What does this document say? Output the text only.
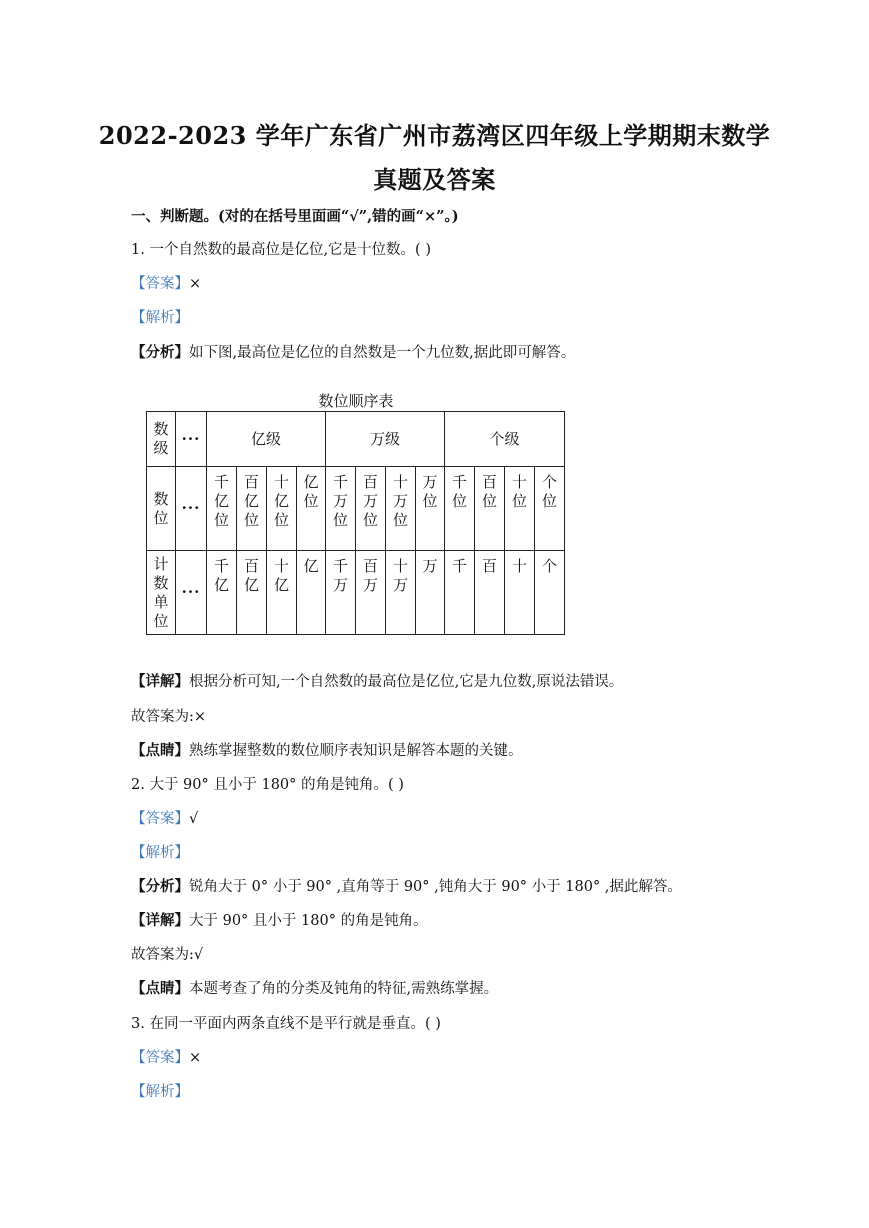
2022-2023 学年广东省广州市荔湾区四年级上学期期末数学
真题及答案
一、判断题。(对的在括号里面画“√”,错的画“×”。)
1. 一个自然数的最高位是亿位,它是十位数。( )
【答案】×
【解析】
【分析】如下图,最高位是亿位的自然数是一个九位数,据此即可解答。
数位顺序表
数级	···	亿级				万级				个级			
数位	···	千亿位	百亿位	十亿位	亿位	千万位	百万位	十万位	万位	千位	百位	十位	个位
计数单位	···	千亿	百亿	十亿	亿	千万	百万	十万	万	千	百	十	个
【详解】根据分析可知,一个自然数的最高位是亿位,它是九位数,原说法错误。
故答案为:×
【点睛】熟练掌握整数的数位顺序表知识是解答本题的关键。
2. 大于 90° 且小于 180° 的角是钝角。( )
【答案】√
【解析】
【分析】锐角大于 0° 小于 90° ,直角等于 90° ,钝角大于 90° 小于 180° ,据此解答。
【详解】大于 90° 且小于 180° 的角是钝角。
故答案为:√
【点睛】本题考查了角的分类及钝角的特征,需熟练掌握。
3. 在同一平面内两条直线不是平行就是垂直。( )
【答案】×
【解析】
